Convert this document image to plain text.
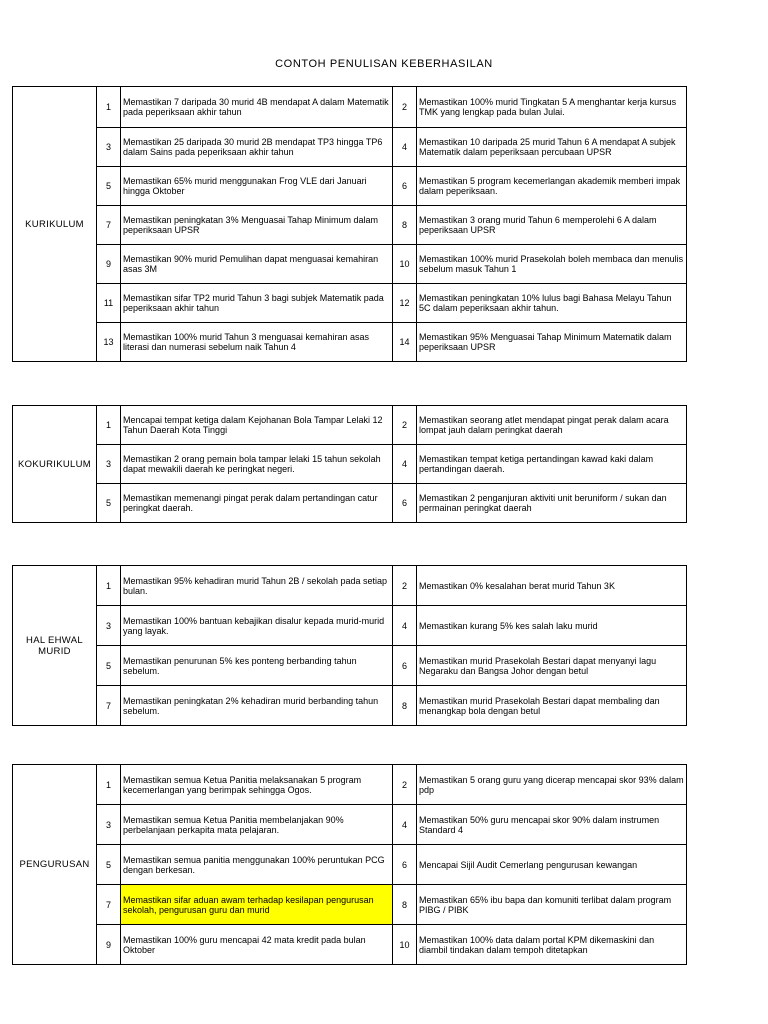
CONTOH PENULISAN KEBERHASILAN
KURIKULUM	1	Memastikan 7 daripada 30 murid 4B mendapat A dalam Matematik pada peperiksaan akhir tahun	2	Memastikan 100% murid Tingkatan 5 A menghantar kerja kursus TMK yang lengkap pada bulan Julai.
	3	Memastikan 25 daripada 30 murid 2B mendapat TP3 hingga TP6 dalam Sains pada peperiksaan akhir tahun	4	Memastikan 10 daripada 25 murid Tahun 6 A mendapat A subjek Matematik dalam peperiksaan percubaan UPSR
	5	Memastikan 65% murid menggunakan Frog VLE dari Januari hingga Oktober	6	Memastikan 5 program kecemerlangan akademik memberi impak dalam peperiksaan.
	7	Memastikan peningkatan 3% Menguasai Tahap Minimum dalam peperiksaan UPSR	8	Memastikan 3 orang murid Tahun 6 memperolehi 6 A dalam peperiksaan UPSR
	9	Memastikan 90% murid Pemulihan dapat menguasai kemahiran asas 3M	10	Memastikan 100% murid Prasekolah boleh membaca dan menulis sebelum masuk Tahun 1
	11	Memastikan sifar TP2 murid Tahun 3 bagi subjek Matematik pada peperiksaan akhir tahun	12	Memastikan peningkatan 10% lulus bagi Bahasa Melayu Tahun 5C dalam peperiksaan akhir tahun.
	13	Memastikan 100% murid Tahun 3 menguasai kemahiran asas literasi dan numerasi sebelum naik Tahun 4	14	Memastikan 95% Menguasai Tahap Minimum Matematik dalam peperiksaan UPSR
KOKURIKULUM	1	Mencapai tempat ketiga dalam Kejohanan Bola Tampar Lelaki 12 Tahun Daerah Kota Tinggi	2	Memastikan seorang atlet mendapat pingat perak dalam acara lompat jauh dalam peringkat daerah
	3	Memastikan 2 orang pemain bola tampar lelaki 15 tahun sekolah dapat mewakili daerah ke peringkat negeri.	4	Memastikan tempat ketiga pertandingan kawad kaki dalam pertandingan daerah.
	5	Memastikan memenangi pingat perak dalam pertandingan catur peringkat daerah.	6	Memastikan 2 penganjuran aktiviti unit beruniform / sukan dan permainan peringkat daerah
HAL EHWAL MURID	1	Memastikan 95% kehadiran murid Tahun 2B / sekolah pada setiap bulan.	2	Memastikan 0% kesalahan berat murid Tahun 3K
	3	Memastikan 100% bantuan kebajikan disalur kepada murid-murid yang layak.	4	Memastikan kurang 5% kes salah laku murid
	5	Memastikan penurunan 5% kes ponteng berbanding tahun sebelum.	6	Memastikan murid Prasekolah Bestari dapat menyanyi lagu Negaraku dan Bangsa Johor dengan betul
	7	Memastikan peningkatan 2% kehadiran murid berbanding tahun sebelum.	8	Memastikan murid Prasekolah Bestari dapat membaling dan menangkap bola dengan betul
PENGURUSAN	1	Memastikan semua Ketua Panitia melaksanakan 5 program kecemerlangan yang berimpak sehingga Ogos.	2	Memastikan 5 orang guru yang dicerap mencapai skor 93% dalam pdp
	3	Memastikan semua Ketua Panitia membelanjakan 90% perbelanjaan perkapita mata pelajaran.	4	Memastikan 50% guru mencapai skor 90% dalam instrumen Standard 4
	5	Memastikan semua panitia menggunakan 100% peruntukan PCG dengan berkesan.	6	Mencapai Sijil Audit Cemerlang pengurusan kewangan
	7	Memastikan sifar aduan awam terhadap kesilapan pengurusan sekolah, pengurusan guru dan murid	8	Memastikan 65% ibu bapa dan komuniti terlibat dalam program PIBG / PIBK
	9	Memastikan 100% guru mencapai 42 mata kredit pada bulan Oktober	10	Memastikan 100% data dalam portal KPM dikemaskini dan diambil tindakan dalam tempoh ditetapkan
